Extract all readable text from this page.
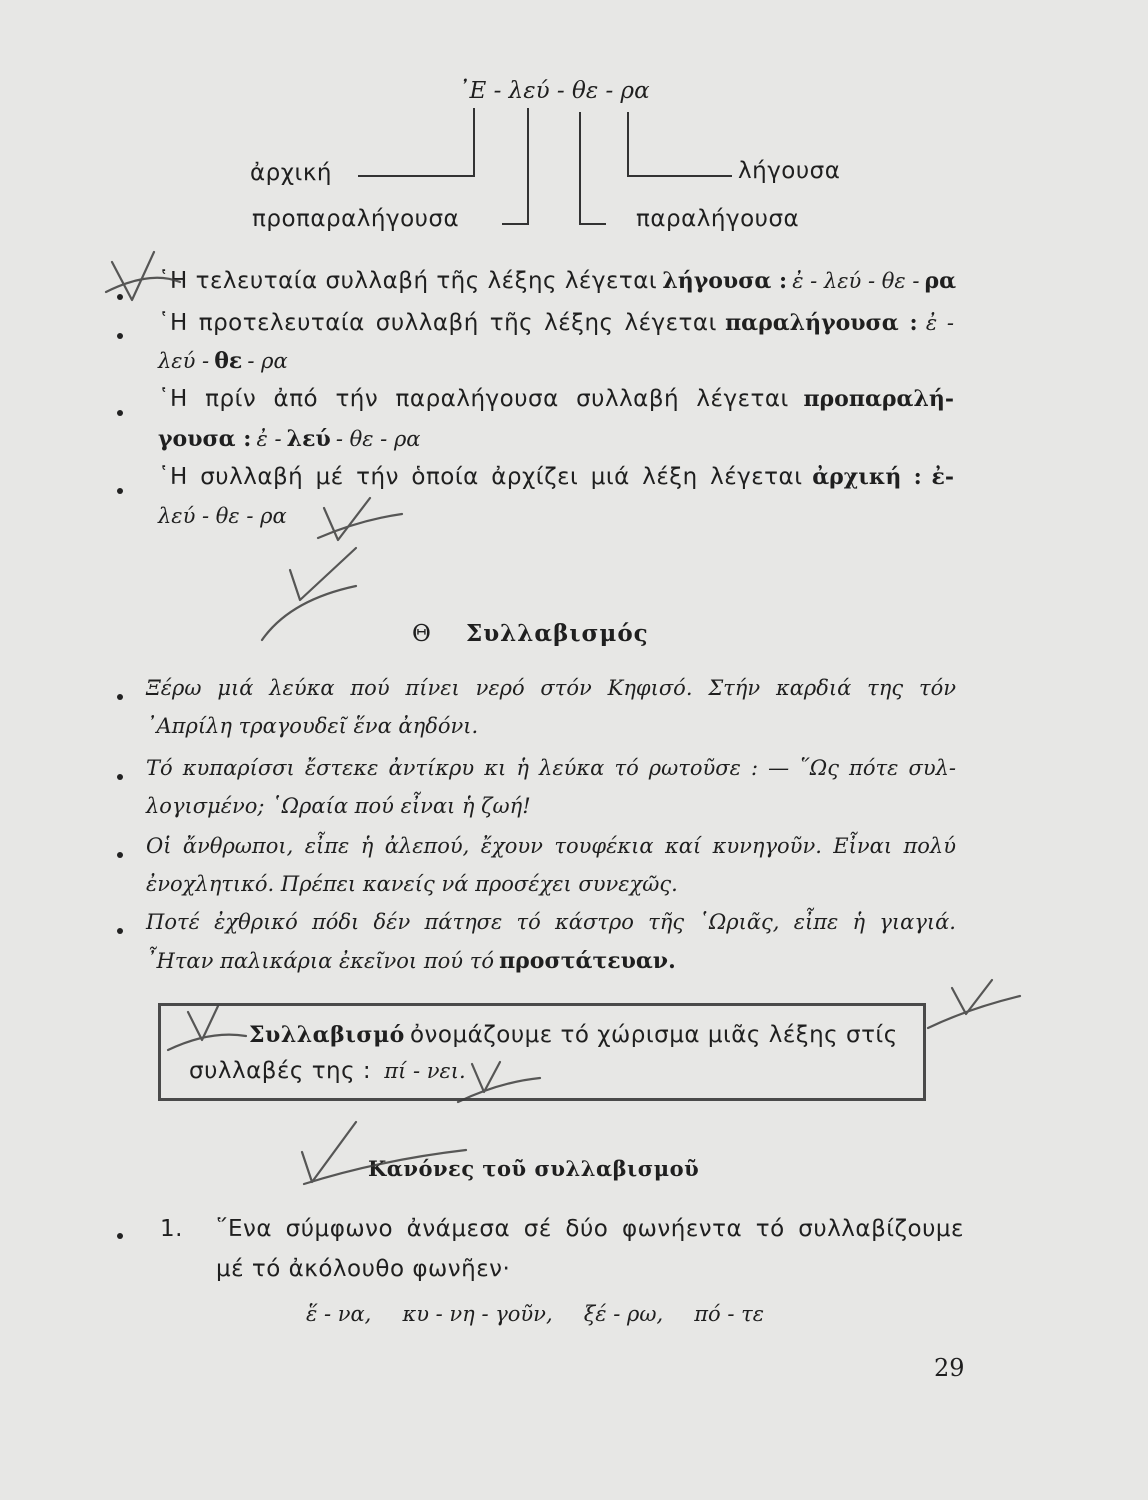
᾿Ε - λεύ - θε - ρα
ἀρχική	λήγουσα
προπαραλήγουσα	παραλήγουσα
῾Η τελευταία συλλαβή τῆς λέξης λέγεται λήγουσα : ἐ - λεύ - θε - ρα
῾Η προτελευταία συλλαβή τῆς λέξης λέγεται παραλήγουσα : ἐ -
λεύ - θε - ρα
῾Η πρίν ἀπό τήν παραλήγουσα συλλαβή λέγεται προπαραλή-
γουσα : ἐ - λεύ - θε - ρα
῾Η συλλαβή μέ τήν ὁποία ἀρχίζει μιά λέξη λέγεται ἀρχική : ἐ-
λεύ - θε - ρα
Θ Συλλαβισμός
Ξέρω μιά λεύκα πού πίνει νερό στόν Κηφισό. Στήν καρδιά της τόν
᾿Απρίλη τραγουδεῖ ἕνα ἀηδόνι.
Τό κυπαρίσσι ἔστεκε ἀντίκρυ κι ἡ λεύκα τό ρωτοῦσε : — ῞Ως πότε συλ-
λογισμένο; ῾Ωραία πού εἶναι ἡ ζωή!
Οἱ ἄνθρωποι, εἶπε ἡ ἀλεπού, ἔχουν τουφέκια καί κυνηγοῦν. Εἶναι πολύ
ἐνοχλητικό. Πρέπει κανείς νά προσέχει συνεχῶς.
Ποτέ ἐχθρικό πόδι δέν πάτησε τό κάστρο τῆς ῾Ωριᾶς, εἶπε ἡ γιαγιά.
῏Ηταν παλικάρια ἐκεῖνοι πού τό προστάτευαν.
Συλλαβισμό ὀνομάζουμε τό χώρισμα μιᾶς λέξης στίς
συλλαβές της : πί - νει.
Κανόνες τοῦ συλλαβισμοῦ
1. ῞Ενα σύμφωνο ἀνάμεσα σέ δύο φωνήεντα τό συλλαβίζουμε
μέ τό ἀκόλουθο φωνῆεν·
ἕ - να, κυ - νη - γοῦν, ξέ - ρω, πό - τε
29
